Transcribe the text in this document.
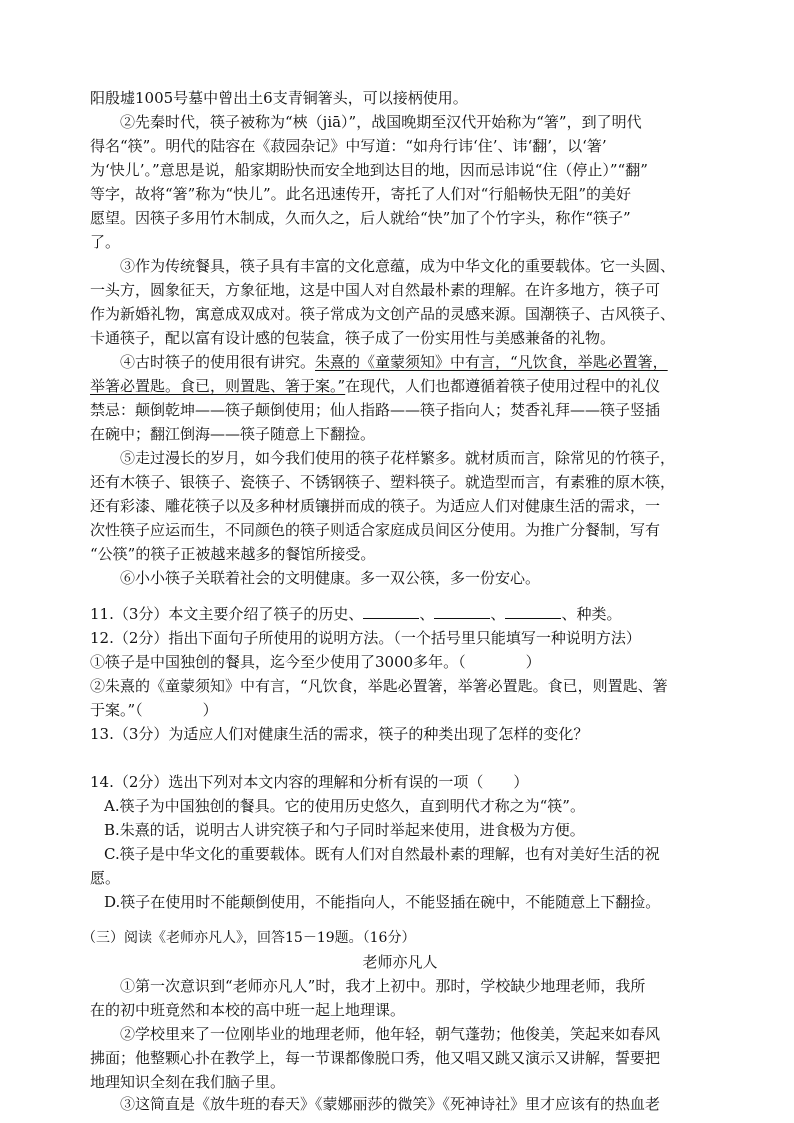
阳殷墟1005号墓中曾出土6支青铜箸头，可以接柄使用。
②先秦时代，筷子被称为“梜（jiā）”，战国晚期至汉代开始称为“箸”，到了明代
得名“筷”。明代的陆容在《菽园杂记》中写道：“如舟行讳‘住’、讳‘翻’，以‘箸’
为‘快儿’。”意思是说，船家期盼快而安全地到达目的地，因而忌讳说“住（停止）”“翻”
等字，故将“箸”称为“快儿”。此名迅速传开，寄托了人们对“行船畅快无阻”的美好
愿望。因筷子多用竹木制成，久而久之，后人就给“快”加了个竹字头，称作“筷子”
了。
③作为传统餐具，筷子具有丰富的文化意蕴，成为中华文化的重要载体。它一头圆、
一头方，圆象征天，方象征地，这是中国人对自然最朴素的理解。在许多地方，筷子可
作为新婚礼物，寓意成双成对。筷子常成为文创产品的灵感来源。国潮筷子、古风筷子、
卡通筷子，配以富有设计感的包装盒，筷子成了一份实用性与美感兼备的礼物。
④古时筷子的使用很有讲究。朱熹的《童蒙须知》中有言，“凡饮食，举匙必置箸，
举箸必置匙。食已，则置匙、箸于案。”在现代，人们也都遵循着筷子使用过程中的礼仪
禁忌：颠倒乾坤——筷子颠倒使用；仙人指路——筷子指向人；焚香礼拜——筷子竖插
在碗中；翻江倒海——筷子随意上下翻捡。
⑤走过漫长的岁月，如今我们使用的筷子花样繁多。就材质而言，除常见的竹筷子，
还有木筷子、银筷子、瓷筷子、不锈钢筷子、塑料筷子。就造型而言，有素雅的原木筷，
还有彩漆、雕花筷子以及多种材质镶拼而成的筷子。为适应人们对健康生活的需求，一
次性筷子应运而生，不同颜色的筷子则适合家庭成员间区分使用。为推广分餐制，写有
“公筷”的筷子正被越来越多的餐馆所接受。
⑥小小筷子关联着社会的文明健康。多一双公筷，多一份安心。
11.（3分）本文主要介绍了筷子的历史、	、	、	、种类。
12.（2分）指出下面句子所使用的说明方法。（一个括号里只能填写一种说明方法）
①筷子是中国独创的餐具，迄今至少使用了3000多年。（　　　　）
②朱熹的《童蒙须知》中有言，“凡饮食，举匙必置箸，举箸必置匙。食已，则置匙、箸
于案。”（　　　　）
13.（3分）为适应人们对健康生活的需求，筷子的种类出现了怎样的变化？
14.（2分）选出下列对本文内容的理解和分析有误的一项（　　）
A.筷子为中国独创的餐具。它的使用历史悠久，直到明代才称之为“筷”。
B.朱熹的话，说明古人讲究筷子和勺子同时举起来使用，进食极为方便。
C.筷子是中华文化的重要载体。既有人们对自然最朴素的理解，也有对美好生活的祝
愿。
D.筷子在使用时不能颠倒使用，不能指向人，不能竖插在碗中，不能随意上下翻捡。
（三）阅读《老师亦凡人》，回答15－19题。（16分）
老师亦凡人
①第一次意识到“老师亦凡人”时，我才上初中。那时，学校缺少地理老师，我所
在的初中班竟然和本校的高中班一起上地理课。
②学校里来了一位刚毕业的地理老师，他年轻，朝气蓬勃；他俊美，笑起来如春风
拂面；他整颗心扑在教学上，每一节课都像脱口秀，他又唱又跳又演示又讲解，誓要把
地理知识全刻在我们脑子里。
③这简直是《放牛班的春天》《蒙娜丽莎的微笑》《死神诗社》里才应该有的热血老
